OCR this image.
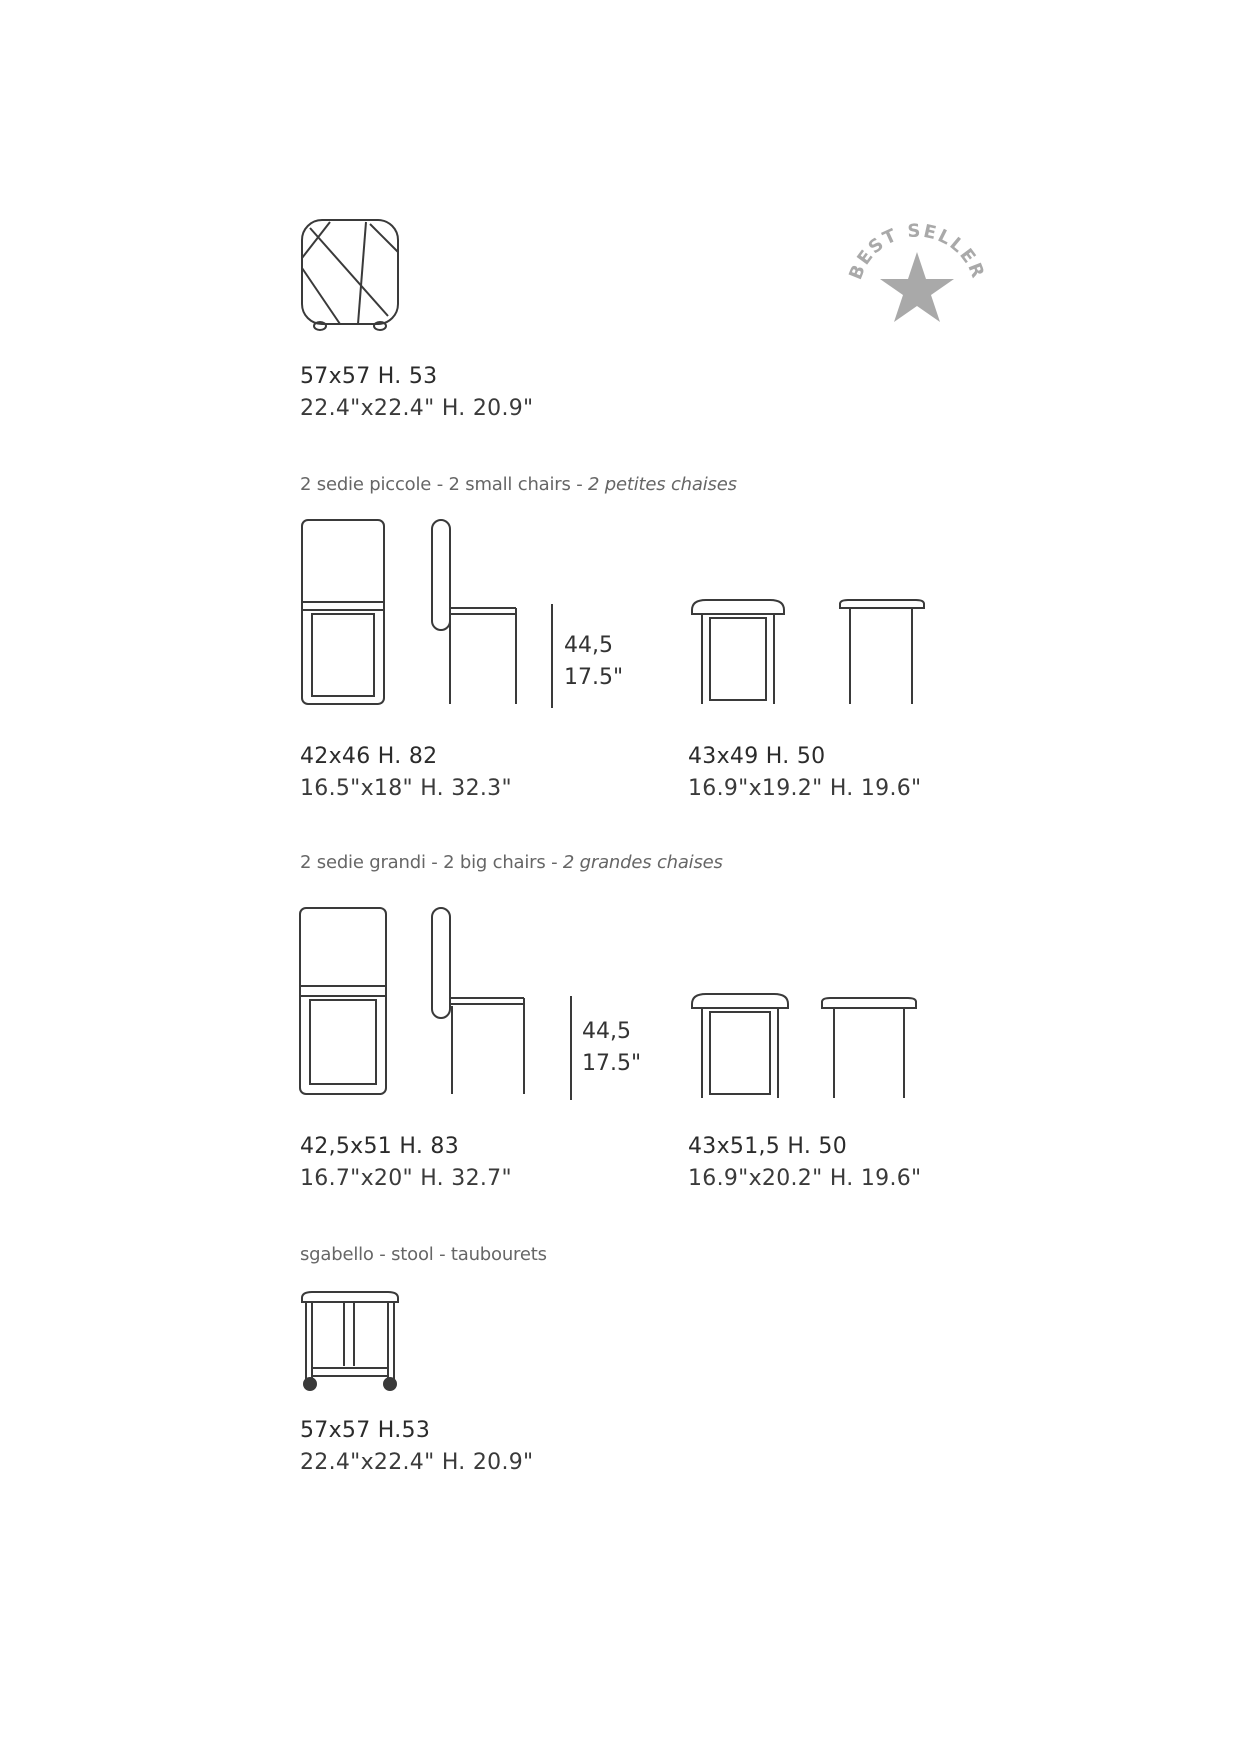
BEST SELLER
57x57 H. 53
22.4"x22.4" H. 20.9"
2 sedie piccole - 2 small chairs - 2 petites chaises
44,5
17.5"
42x46 H. 82
16.5"x18" H. 32.3"
43x49 H. 50
16.9"x19.2" H. 19.6"
2 sedie grandi - 2 big chairs - 2 grandes chaises
44,5
17.5"
42,5x51 H. 83
16.7"x20" H. 32.7"
43x51,5 H. 50
16.9"x20.2" H. 19.6"
sgabello - stool - taubourets
57x57 H.53
22.4"x22.4" H. 20.9"
